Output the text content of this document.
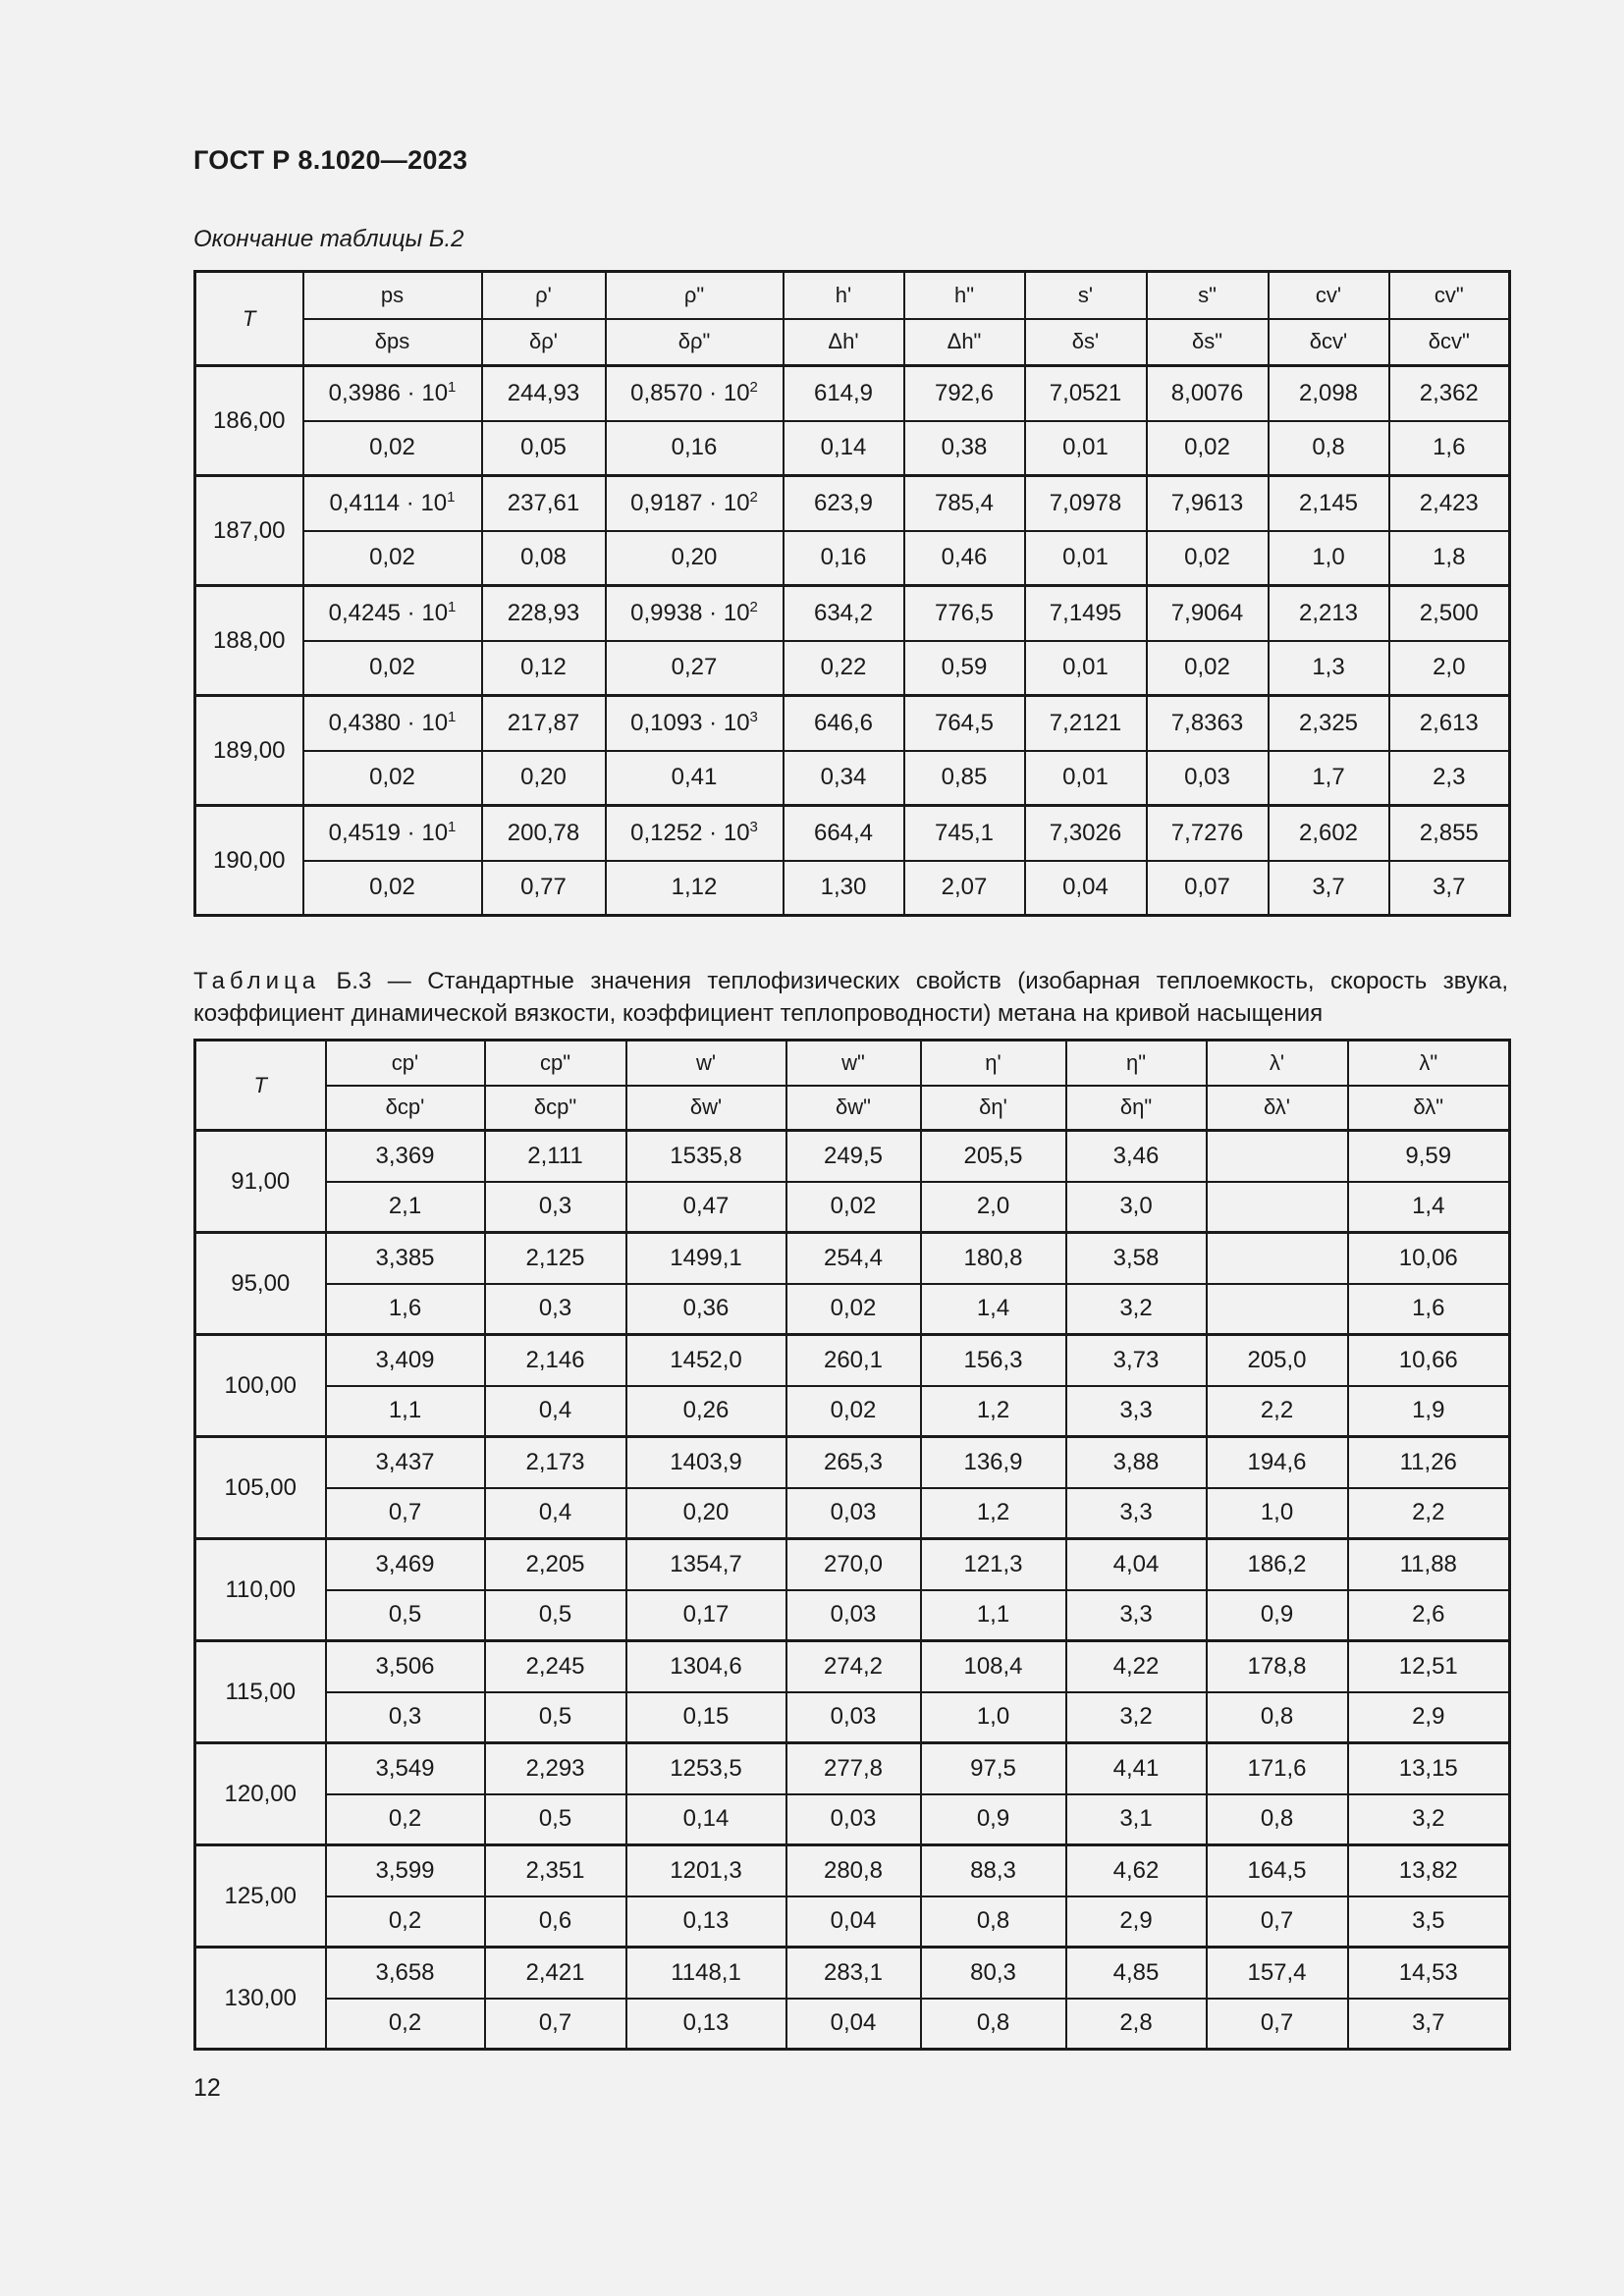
ГОСТ Р 8.1020—2023
Окончание таблицы Б.2
T	ps	ρ'	ρ"	h'	h"	s'	s"	cv'	cv"
	δps	δρ'	δρ"	Δh'	Δh"	δs'	δs"	δcv'	δcv"
186,00	$0,3986 \cdot 10^1$	244,93	$0,8570 \cdot 10^2$	614,9	792,6	7,0521	8,0076	2,098	2,362
	0,02	0,05	0,16	0,14	0,38	0,01	0,02	0,8	1,6
187,00	$0,4114 \cdot 10^1$	237,61	$0,9187 \cdot 10^2$	623,9	785,4	7,0978	7,9613	2,145	2,423
	0,02	0,08	0,20	0,16	0,46	0,01	0,02	1,0	1,8
188,00	$0,4245 \cdot 10^1$	228,93	$0,9938 \cdot 10^2$	634,2	776,5	7,1495	7,9064	2,213	2,500
	0,02	0,12	0,27	0,22	0,59	0,01	0,02	1,3	2,0
189,00	$0,4380 \cdot 10^1$	217,87	$0,1093 \cdot 10^3$	646,6	764,5	7,2121	7,8363	2,325	2,613
	0,02	0,20	0,41	0,34	0,85	0,01	0,03	1,7	2,3
190,00	$0,4519 \cdot 10^1$	200,78	$0,1252 \cdot 10^3$	664,4	745,1	7,3026	7,7276	2,602	2,855
	0,02	0,77	1,12	1,30	2,07	0,04	0,07	3,7	3,7
Таблица Б.3 — Стандартные значения теплофизических свойств (изобарная теплоемкость, скорость звука, коэффициент динамической вязкости, коэффициент теплопроводности) метана на кривой насыщения
T	cp'	cp"	w'	w"	η'	η"	λ'	λ"
	δcp'	δcp"	δw'	δw"	δη'	δη"	δλ'	δλ"
91,00	3,369	2,111	1535,8	249,5	205,5	3,46		9,59
	2,1	0,3	0,47	0,02	2,0	3,0		1,4
95,00	3,385	2,125	1499,1	254,4	180,8	3,58		10,06
	1,6	0,3	0,36	0,02	1,4	3,2		1,6
100,00	3,409	2,146	1452,0	260,1	156,3	3,73	205,0	10,66
	1,1	0,4	0,26	0,02	1,2	3,3	2,2	1,9
105,00	3,437	2,173	1403,9	265,3	136,9	3,88	194,6	11,26
	0,7	0,4	0,20	0,03	1,2	3,3	1,0	2,2
110,00	3,469	2,205	1354,7	270,0	121,3	4,04	186,2	11,88
	0,5	0,5	0,17	0,03	1,1	3,3	0,9	2,6
115,00	3,506	2,245	1304,6	274,2	108,4	4,22	178,8	12,51
	0,3	0,5	0,15	0,03	1,0	3,2	0,8	2,9
120,00	3,549	2,293	1253,5	277,8	97,5	4,41	171,6	13,15
	0,2	0,5	0,14	0,03	0,9	3,1	0,8	3,2
125,00	3,599	2,351	1201,3	280,8	88,3	4,62	164,5	13,82
	0,2	0,6	0,13	0,04	0,8	2,9	0,7	3,5
130,00	3,658	2,421	1148,1	283,1	80,3	4,85	157,4	14,53
	0,2	0,7	0,13	0,04	0,8	2,8	0,7	3,7
12
